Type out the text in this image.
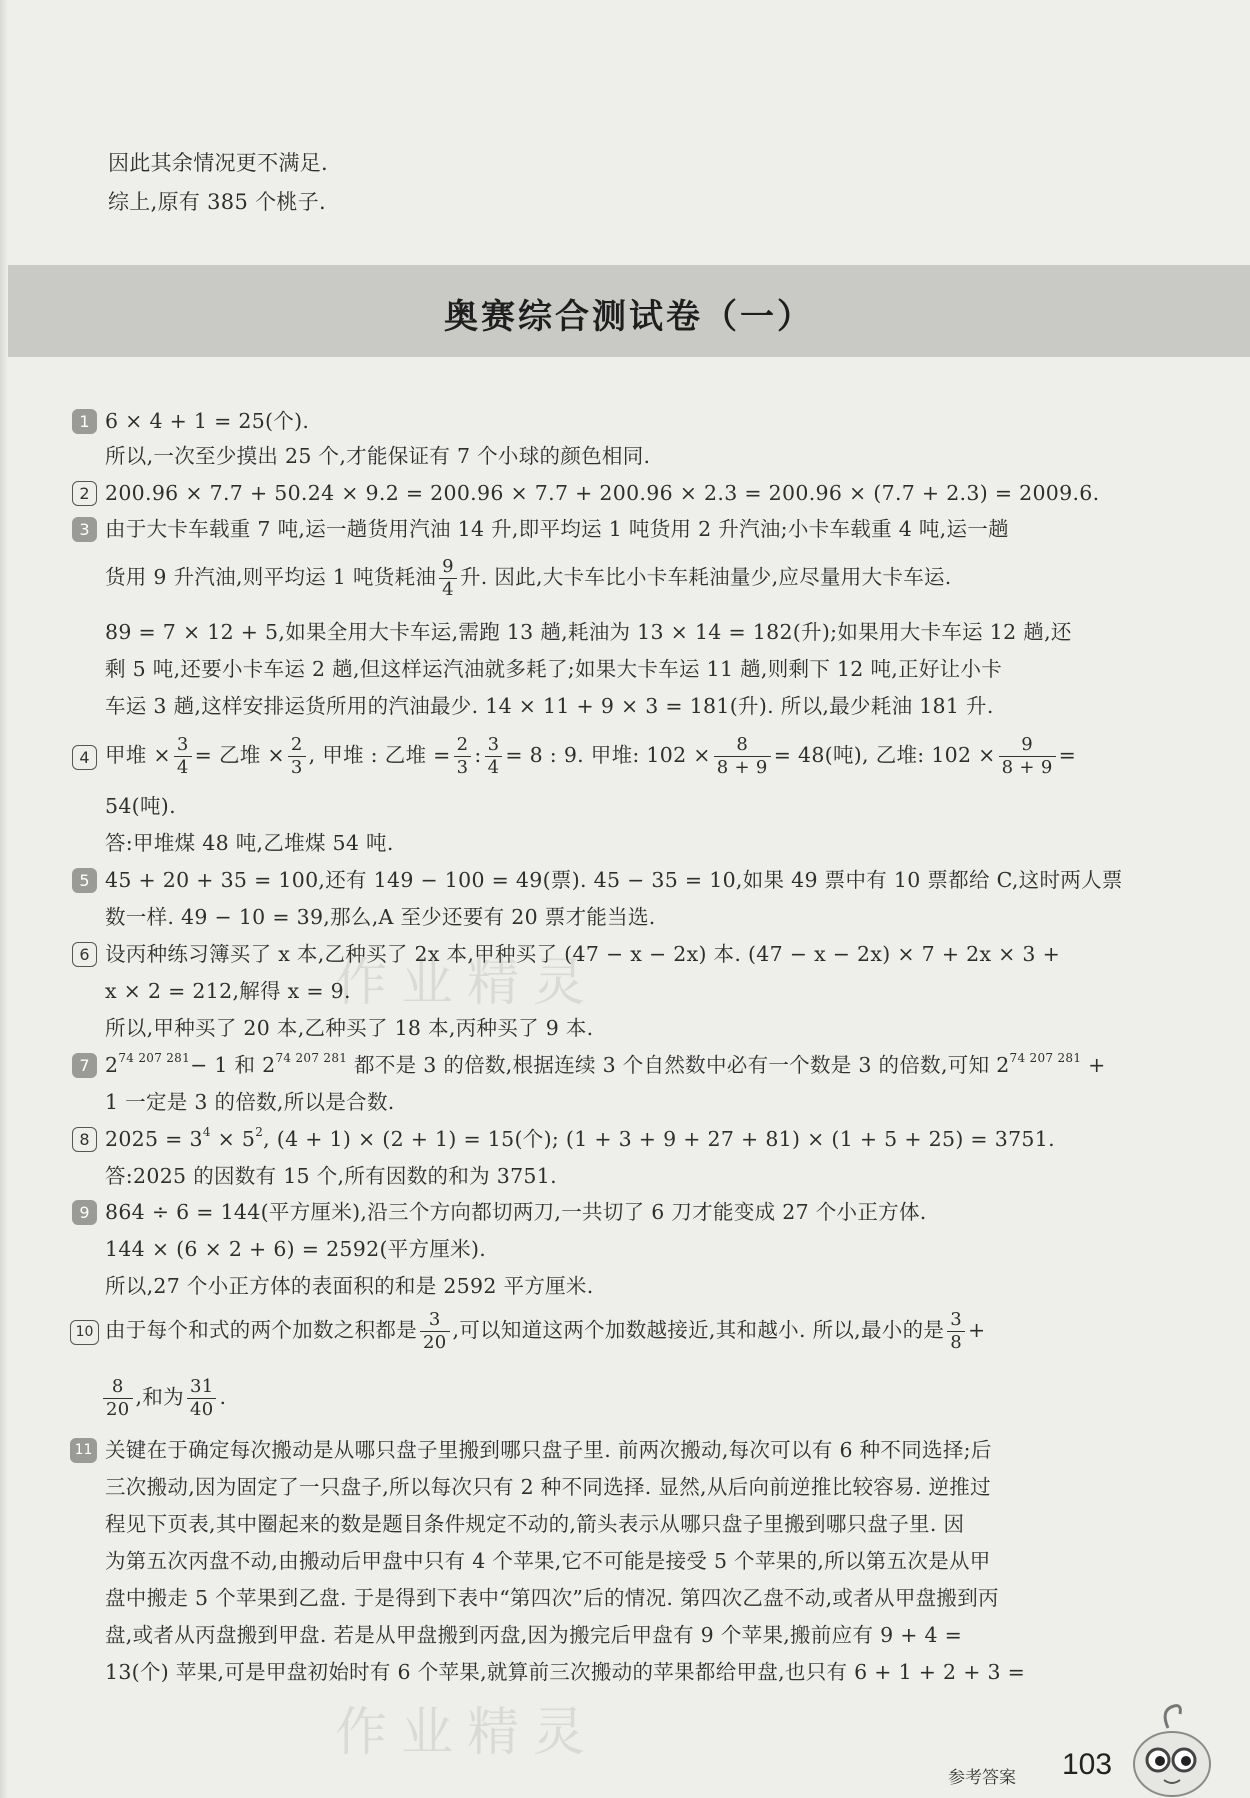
因此其余情况更不满足.
综上,原有 385 个桃子.
奥赛综合测试卷（一）
作业精灵
作业精灵
1 6 × 4 + 1 = 25(个).
所以,一次至少摸出 25 个,才能保证有 7 个小球的颜色相同.
2 200.96 × 7.7 + 50.24 × 9.2 = 200.96 × 7.7 + 200.96 × 2.3 = 200.96 × (7.7 + 2.3) = 2009.6.
3 由于大卡车载重 7 吨,运一趟货用汽油 14 升,即平均运 1 吨货用 2 升汽油;小卡车载重 4 吨,运一趟
货用 9 升汽油,则平均运 1 吨货耗油 $\frac{9}{4}$ 升. 因此,大卡车比小卡车耗油量少,应尽量用大卡车运.
89 = 7 × 12 + 5,如果全用大卡车运,需跑 13 趟,耗油为 13 × 14 = 182(升);如果用大卡车运 12 趟,还
剩 5 吨,还要小卡车运 2 趟,但这样运汽油就多耗了;如果大卡车运 11 趟,则剩下 12 吨,正好让小卡
车运 3 趟,这样安排运货所用的汽油最少. 14 × 11 + 9 × 3 = 181(升). 所以,最少耗油 181 升.
4 甲堆 × $\frac{3}{4}$ = 乙堆 × $\frac{2}{3}$ , 甲堆 : 乙堆 = $\frac{2}{3}$ : $\frac{3}{4} = 8$ : 9. 甲堆: $102 \times \frac{8}{8 + 9} = 48$(吨), 乙堆: $102 \times \frac{9}{8 + 9}$ =
54(吨).
答:甲堆煤 48 吨,乙堆煤 54 吨.
5 45 + 20 + 35 = 100,还有 149 − 100 = 49(票). 45 − 35 = 10,如果 49 票中有 10 票都给 C,这时两人票
数一样. 49 − 10 = 39,那么,A 至少还要有 20 票才能当选.
6 设丙种练习簿买了 x 本,乙种买了 2x 本,甲种买了 (47 − x − 2x) 本. (47 − x − 2x) × 7 + 2x × 3 +
x × 2 = 212,解得 x = 9.
所以,甲种买了 20 本,乙种买了 18 本,丙种买了 9 本.
7 $2^{74 207 281}- 1$ 和 $2^{74 207 281}$ 都不是 3 的倍数,根据连续 3 个自然数中必有一个数是 3 的倍数,可知 $2^{74 207 281}$ +
1 一定是 3 的倍数,所以是合数.
8 $2025 = 3^4 \times 5^2$, (4 + 1) × (2 + 1) = 15(个); (1 + 3 + 9 + 27 + 81) × (1 + 5 + 25) = 3751.
答:2025 的因数有 15 个,所有因数的和为 3751.
9 864 ÷ 6 = 144(平方厘米),沿三个方向都切两刀,一共切了 6 刀才能变成 27 个小正方体.
144 × (6 × 2 + 6) = 2592(平方厘米).
所以,27 个小正方体的表面积的和是 2592 平方厘米.
10 由于每个和式的两个加数之积都是 $\frac{3}{20}$ ,可以知道这两个加数越接近,其和越小. 所以,最小的是 $\frac{3}{8}$ +
$\frac{8}{20}$ ,和为 $\frac{31}{40}$ .
11 关键在于确定每次搬动是从哪只盘子里搬到哪只盘子里. 前两次搬动,每次可以有 6 种不同选择;后
三次搬动,因为固定了一只盘子,所以每次只有 2 种不同选择. 显然,从后向前逆推比较容易. 逆推过
程见下页表,其中圈起来的数是题目条件规定不动的,箭头表示从哪只盘子里搬到哪只盘子里. 因
为第五次丙盘不动,由搬动后甲盘中只有 4 个苹果,它不可能是接受 5 个苹果的,所以第五次是从甲
盘中搬走 5 个苹果到乙盘. 于是得到下表中“第四次”后的情况. 第四次乙盘不动,或者从甲盘搬到丙
盘,或者从丙盘搬到甲盘. 若是从甲盘搬到丙盘,因为搬完后甲盘有 9 个苹果,搬前应有 9 + 4 =
13(个) 苹果,可是甲盘初始时有 6 个苹果,就算前三次搬动的苹果都给甲盘,也只有 6 + 1 + 2 + 3 =
参考答案 103
